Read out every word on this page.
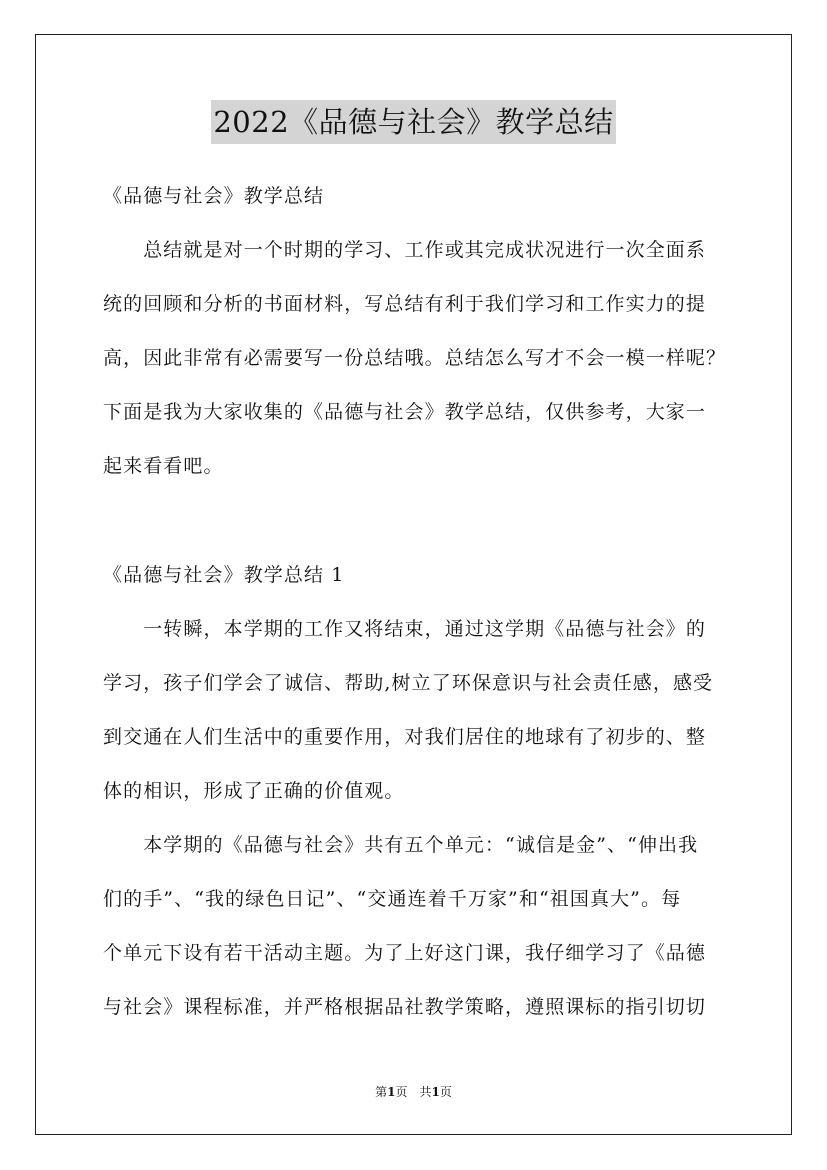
2022《品德与社会》教学总结
《品德与社会》教学总结
　　总结就是对一个时期的学习、工作或其完成状况进行一次全面系
统的回顾和分析的书面材料，写总结有利于我们学习和工作实力的提
高，因此非常有必需要写一份总结哦。总结怎么写才不会一模一样呢？
下面是我为大家收集的《品德与社会》教学总结，仅供参考，大家一
起来看看吧。
《品德与社会》教学总结 1
　　一转瞬，本学期的工作又将结束，通过这学期《品德与社会》的
学习，孩子们学会了诚信、帮助,树立了环保意识与社会责任感，感受
到交通在人们生活中的重要作用，对我们居住的地球有了初步的、整
体的相识，形成了正确的价值观。
　　本学期的《品德与社会》共有五个单元：“诚信是金”、“伸出我
们的手”、“我的绿色日记”、“交通连着千万家”和“祖国真大”。每
个单元下设有若干活动主题。为了上好这门课，我仔细学习了《品德
与社会》课程标准，并严格根据品社教学策略，遵照课标的指引切切
第1页　共1页
